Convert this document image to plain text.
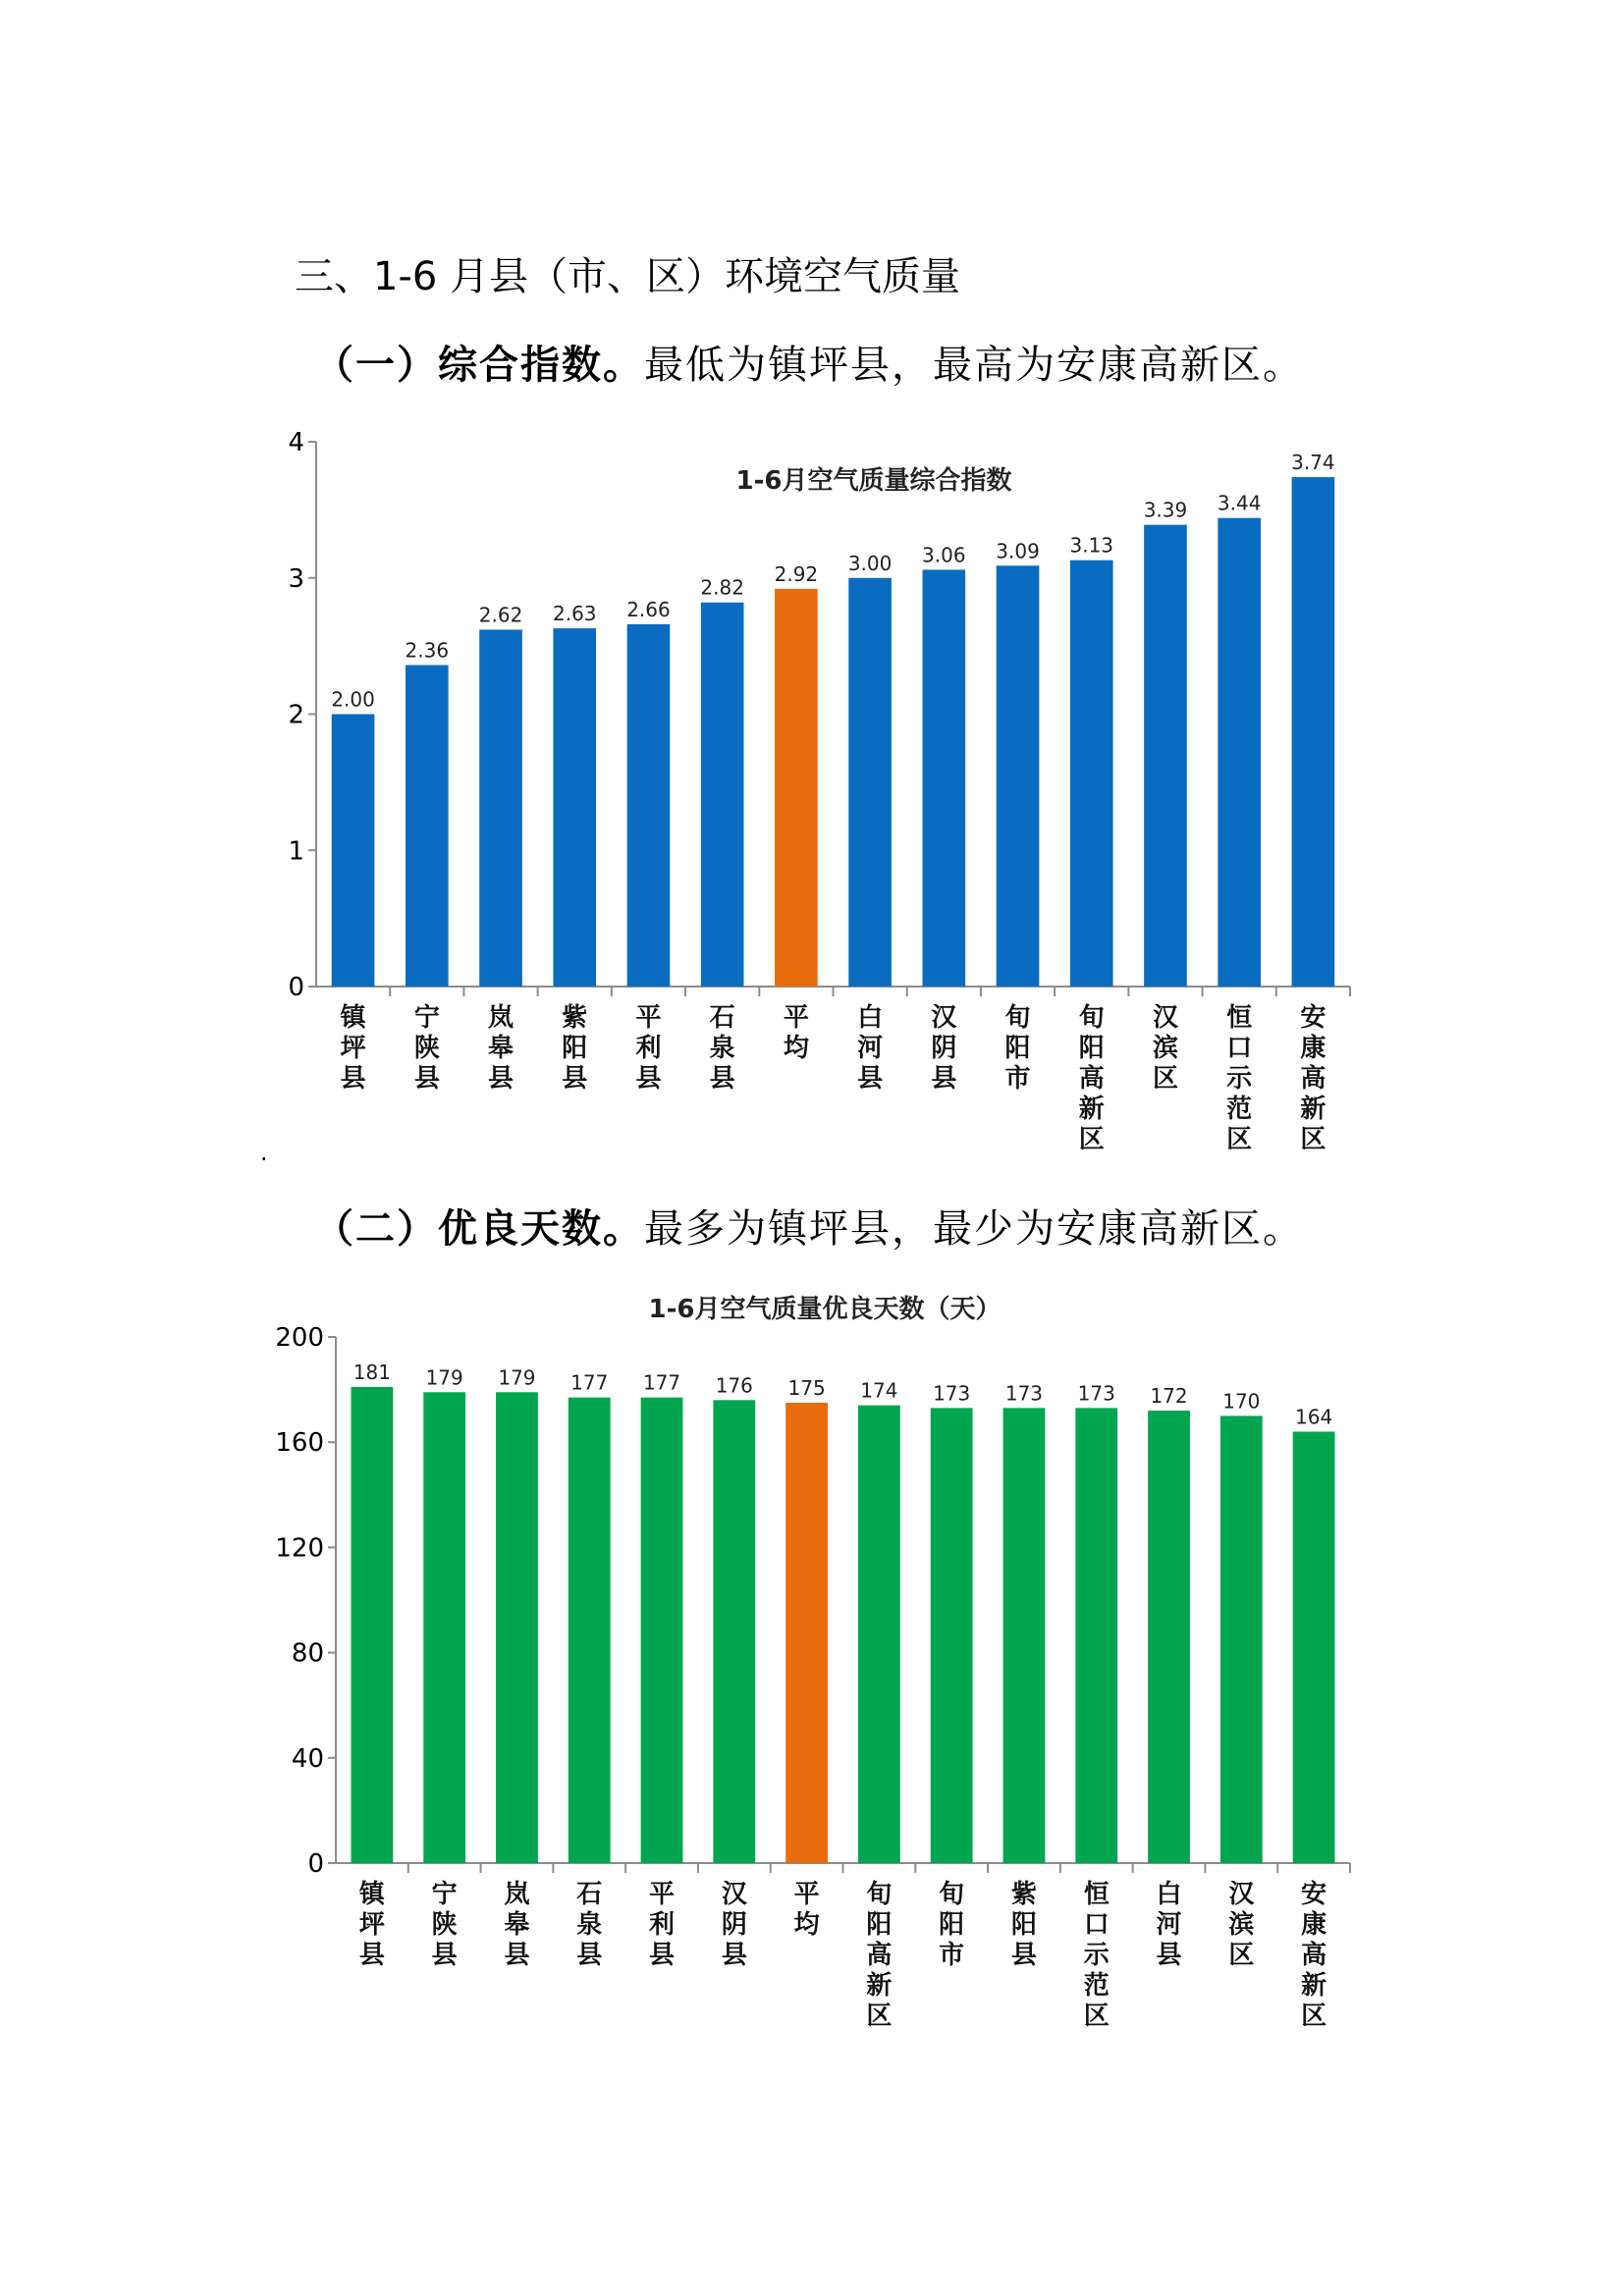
三、1-6 月县（市、区）环境空气质量
（一）综合指数。最低为镇坪县，最高为安康高新区。
1-6月空气质量综合指数
0
1
2
3
4
2.00
镇坪县
2.36
宁陕县
2.62
岚皋县
2.63
紫阳县
2.66
平利县
2.82
石泉县
2.92
平均
3.00
白河县
3.06
汉阴县
3.09
旬阳市
3.13
旬阳高新区
3.39
汉滨区
3.44
恒口示范区
3.74
安康高新区
.
（二）优良天数。最多为镇坪县，最少为安康高新区。
1-6月空气质量优良天数（天）
0
40
80
120
160
200
181
镇坪县
179
宁陕县
179
岚皋县
177
石泉县
177
平利县
176
汉阴县
175
平均
174
旬阳高新区
173
旬阳市
173
紫阳县
173
恒口示范区
172
白河县
170
汉滨区
164
安康高新区
